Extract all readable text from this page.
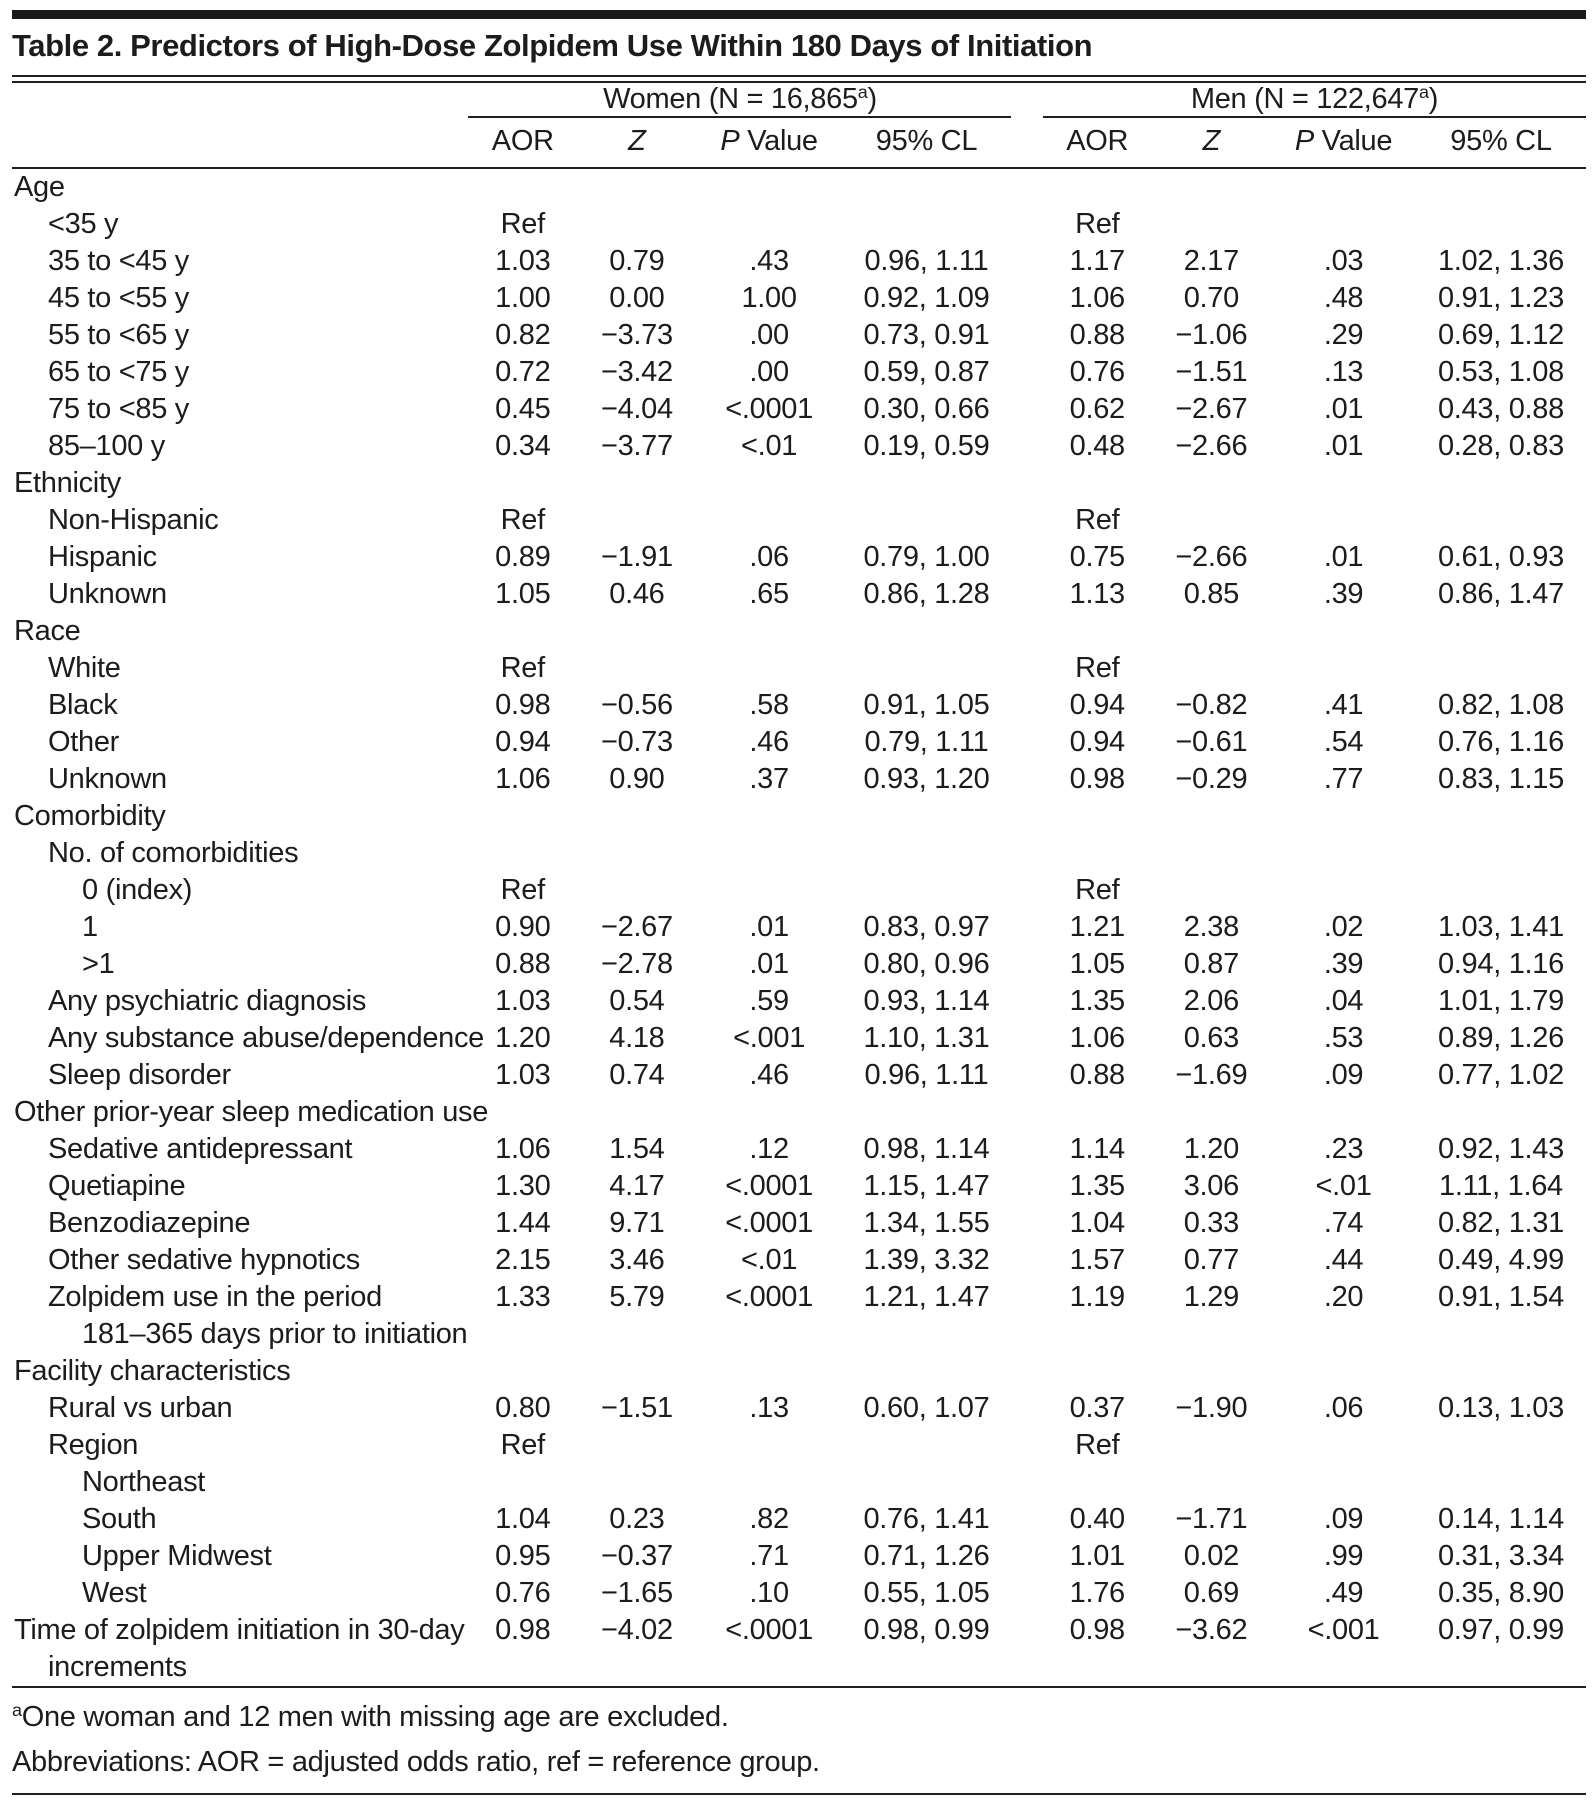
Table 2. Predictors of High-Dose Zolpidem Use Within 180 Days of Initiation
	Women (N = 16,865$^a$)					Men (N = 122,647$^a$)			
	AOR	Z	P Value	95% CL		AOR	Z	P Value	95% CL
Age									
<35 y	Ref					Ref			
35 to <45 y	1.03	0.79	.43	0.96, 1.11		1.17	2.17	.03	1.02, 1.36
45 to <55 y	1.00	0.00	1.00	0.92, 1.09		1.06	0.70	.48	0.91, 1.23
55 to <65 y	0.82	−3.73	.00	0.73, 0.91		0.88	−1.06	.29	0.69, 1.12
65 to <75 y	0.72	−3.42	.00	0.59, 0.87		0.76	−1.51	.13	0.53, 1.08
75 to <85 y	0.45	−4.04	<.0001	0.30, 0.66		0.62	−2.67	.01	0.43, 0.88
85–100 y	0.34	−3.77	<.01	0.19, 0.59		0.48	−2.66	.01	0.28, 0.83
Ethnicity									
Non-Hispanic	Ref					Ref			
Hispanic	0.89	−1.91	.06	0.79, 1.00		0.75	−2.66	.01	0.61, 0.93
Unknown	1.05	0.46	.65	0.86, 1.28		1.13	0.85	.39	0.86, 1.47
Race									
White	Ref					Ref			
Black	0.98	−0.56	.58	0.91, 1.05		0.94	−0.82	.41	0.82, 1.08
Other	0.94	−0.73	.46	0.79, 1.11		0.94	−0.61	.54	0.76, 1.16
Unknown	1.06	0.90	.37	0.93, 1.20		0.98	−0.29	.77	0.83, 1.15
Comorbidity									
No. of comorbidities									
0 (index)	Ref					Ref			
1	0.90	−2.67	.01	0.83, 0.97		1.21	2.38	.02	1.03, 1.41
>1	0.88	−2.78	.01	0.80, 0.96		1.05	0.87	.39	0.94, 1.16
Any psychiatric diagnosis	1.03	0.54	.59	0.93, 1.14		1.35	2.06	.04	1.01, 1.79
Any substance abuse/dependence	1.20	4.18	<.001	1.10, 1.31		1.06	0.63	.53	0.89, 1.26
Sleep disorder	1.03	0.74	.46	0.96, 1.11		0.88	−1.69	.09	0.77, 1.02
Other prior-year sleep medication use									
Sedative antidepressant	1.06	1.54	.12	0.98, 1.14		1.14	1.20	.23	0.92, 1.43
Quetiapine	1.30	4.17	<.0001	1.15, 1.47		1.35	3.06	<.01	1.11, 1.64
Benzodiazepine	1.44	9.71	<.0001	1.34, 1.55		1.04	0.33	.74	0.82, 1.31
Other sedative hypnotics	2.15	3.46	<.01	1.39, 3.32		1.57	0.77	.44	0.49, 4.99
Zolpidem use in the period	1.33	5.79	<.0001	1.21, 1.47		1.19	1.29	.20	0.91, 1.54
181–365 days prior to initiation									
Facility characteristics									
Rural vs urban	0.80	−1.51	.13	0.60, 1.07		0.37	−1.90	.06	0.13, 1.03
Region	Ref					Ref			
Northeast									
South	1.04	0.23	.82	0.76, 1.41		0.40	−1.71	.09	0.14, 1.14
Upper Midwest	0.95	−0.37	.71	0.71, 1.26		1.01	0.02	.99	0.31, 3.34
West	0.76	−1.65	.10	0.55, 1.05		1.76	0.69	.49	0.35, 8.90
Time of zolpidem initiation in 30-day	0.98	−4.02	<.0001	0.98, 0.99		0.98	−3.62	<.001	0.97, 0.99
increments									
$^a$One woman and 12 men with missing age are excluded.
Abbreviations: AOR = adjusted odds ratio, ref = reference group.
